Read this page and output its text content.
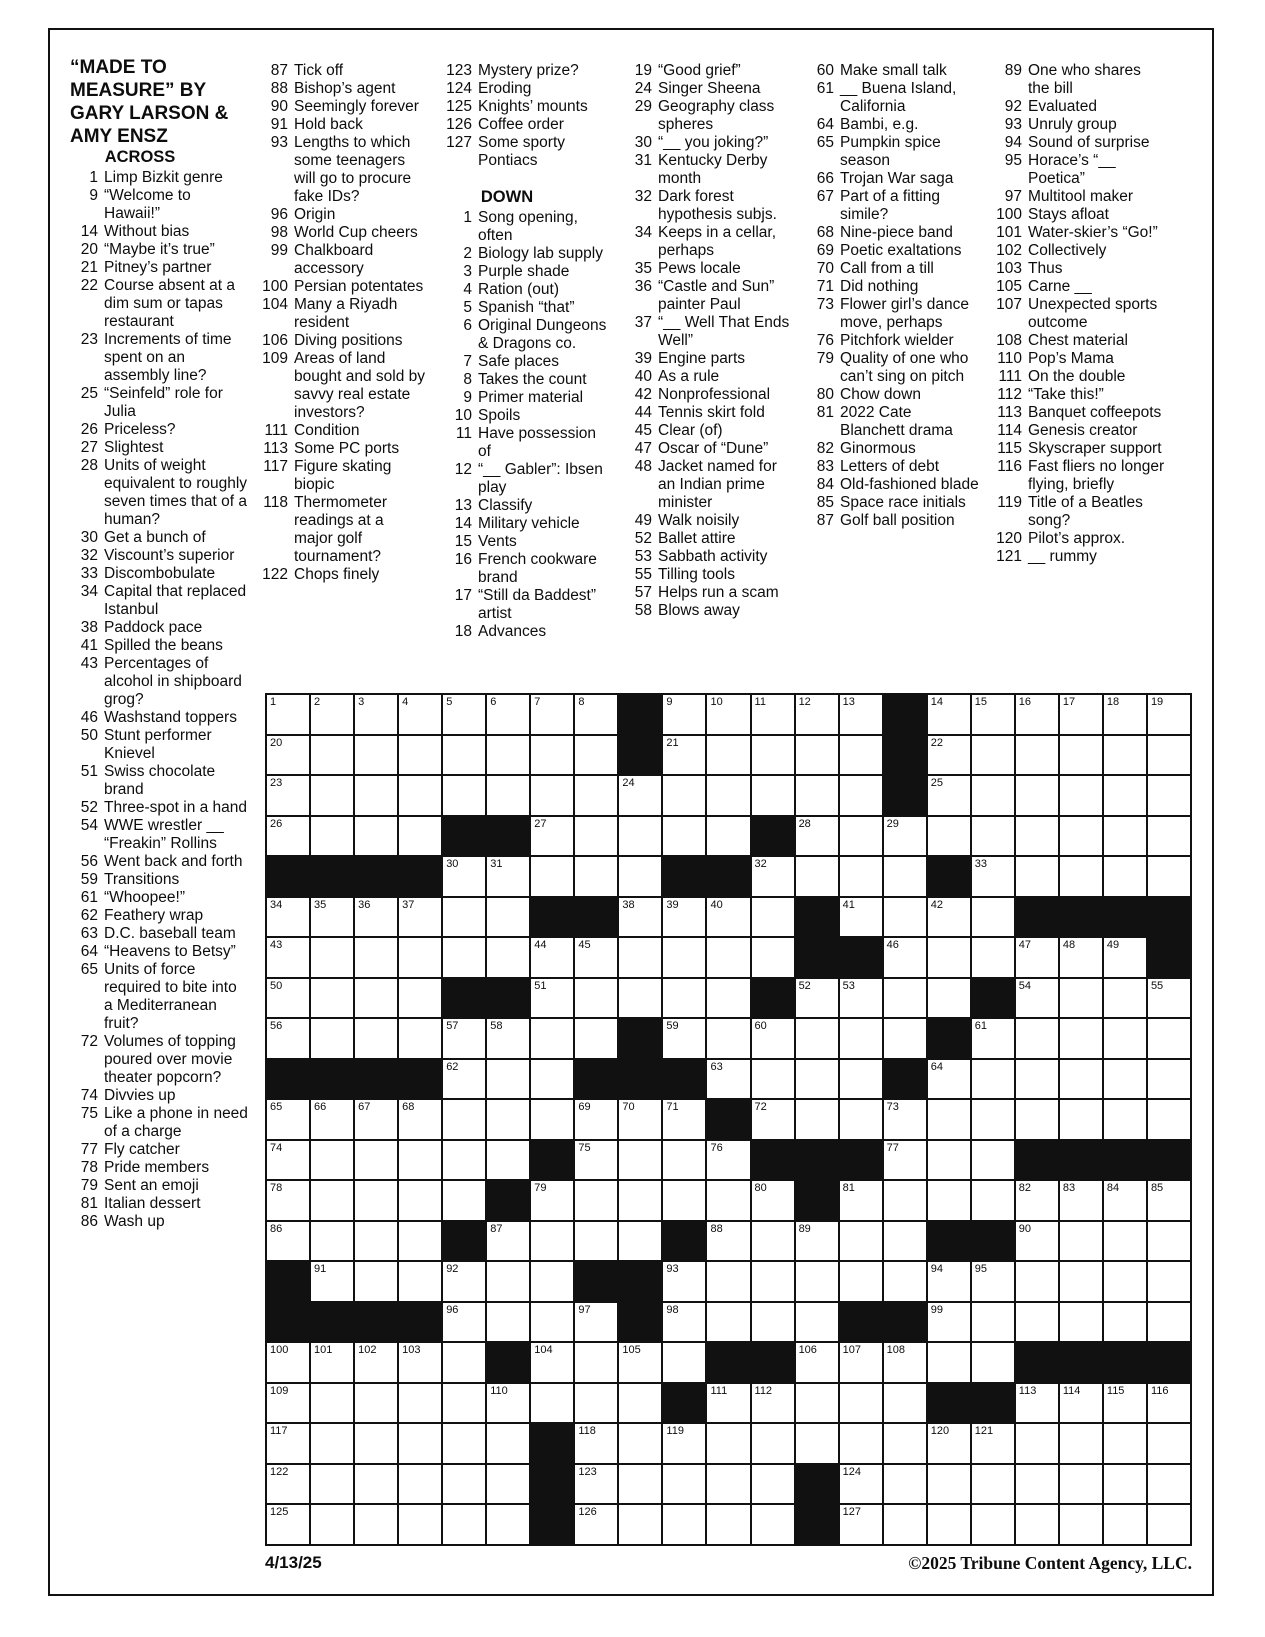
“MADE TO
MEASURE” BY
GARY LARSON &
AMY ENSZ
ACROSS
1 Limp Bizkit genre
9 “Welcome to Hawaii!”
14 Without bias
20 “Maybe it’s true”
21 Pitney’s partner
22 Course absent at a dim sum or tapas restaurant
23 Increments of time spent on an assembly line?
25 “Seinfeld” role for Julia
26 Priceless?
27 Slightest
28 Units of weight equivalent to roughly seven times that of a human?
30 Get a bunch of
32 Viscount’s superior
33 Discombobulate
34 Capital that replaced Istanbul
38 Paddock pace
41 Spilled the beans
43 Percentages of alcohol in shipboard grog?
46 Washstand toppers
50 Stunt performer Knievel
51 Swiss chocolate brand
52 Three-spot in a hand
54 WWE wrestler __ “Freakin” Rollins
56 Went back and forth
59 Transitions
61 “Whoopee!”
62 Feathery wrap
63 D.C. baseball team
64 “Heavens to Betsy”
65 Units of force required to bite into a Mediterranean fruit?
72 Volumes of topping poured over movie theater popcorn?
74 Divvies up
75 Like a phone in need of a charge
77 Fly catcher
78 Pride members
79 Sent an emoji
81 Italian dessert
86 Wash up
87 Tick off
88 Bishop’s agent
90 Seemingly forever
91 Hold back
93 Lengths to which some teenagers will go to procure fake IDs?
96 Origin
98 World Cup cheers
99 Chalkboard accessory
100 Persian potentates
104 Many a Riyadh resident
106 Diving positions
109 Areas of land bought and sold by savvy real estate investors?
111 Condition
113 Some PC ports
117 Figure skating biopic
118 Thermometer readings at a major golf tournament?
122 Chops finely
123 Mystery prize?
124 Eroding
125 Knights’ mounts
126 Coffee order
127 Some sporty Pontiacs
DOWN
1 Song opening, often
2 Biology lab supply
3 Purple shade
4 Ration (out)
5 Spanish “that”
6 Original Dungeons & Dragons co.
7 Safe places
8 Takes the count
9 Primer material
10 Spoils
11 Have possession of
12 “__ Gabler”: Ibsen play
13 Classify
14 Military vehicle
15 Vents
16 French cookware brand
17 “Still da Baddest” artist
18 Advances
19 “Good grief”
24 Singer Sheena
29 Geography class spheres
30 “__ you joking?”
31 Kentucky Derby month
32 Dark forest hypothesis subjs.
34 Keeps in a cellar, perhaps
35 Pews locale
36 “Castle and Sun” painter Paul
37 “__ Well That Ends Well”
39 Engine parts
40 As a rule
42 Nonprofessional
44 Tennis skirt fold
45 Clear (of)
47 Oscar of “Dune”
48 Jacket named for an Indian prime minister
49 Walk noisily
52 Ballet attire
53 Sabbath activity
55 Tilling tools
57 Helps run a scam
58 Blows away
60 Make small talk
61 __ Buena Island, California
64 Bambi, e.g.
65 Pumpkin spice season
66 Trojan War saga
67 Part of a fitting simile?
68 Nine-piece band
69 Poetic exaltations
70 Call from a till
71 Did nothing
73 Flower girl’s dance move, perhaps
76 Pitchfork wielder
79 Quality of one who can’t sing on pitch
80 Chow down
81 2022 Cate Blanchett drama
82 Ginormous
83 Letters of debt
84 Old-fashioned blade
85 Space race initials
87 Golf ball position
89 One who shares the bill
92 Evaluated
93 Unruly group
94 Sound of surprise
95 Horace’s “__ Poetica”
97 Multitool maker
100 Stays afloat
101 Water-skier’s “Go!”
102 Collectively
103 Thus
105 Carne __
107 Unexpected sports outcome
108 Chest material
110 Pop’s Mama
111 On the double
112 “Take this!”
113 Banquet coffeepots
114 Genesis creator
115 Skyscraper support
116 Fast fliers no longer flying, briefly
119 Title of a Beatles song?
120 Pilot’s approx.
121 __ rummy
1	2	3	4	5	6	7	8	9	10	11	12	13	14	15	16	17	18	19
20	21	22
23	24	25
26	27	28	29
30	31	32	33
34	35	36	37	38	39	40	41	42
43	44	45	46	47	48	49
50	51	52	53	54	55
56	57	58	59	60	61
62	63	64
65	66	67	68	69	70	71	72	73
74	75	76	77
78	79	80	81	82	83	84	85
86	87	88	89	90
91	92	93	94	95
96	97	98	99
100 101 102 103	104	105	106 107 108
109	110	111 112	113 114 115 116
117	118	119	120 121
122	123	124
125	126	127
4/13/25	©2025 Tribune Content Agency, LLC.
